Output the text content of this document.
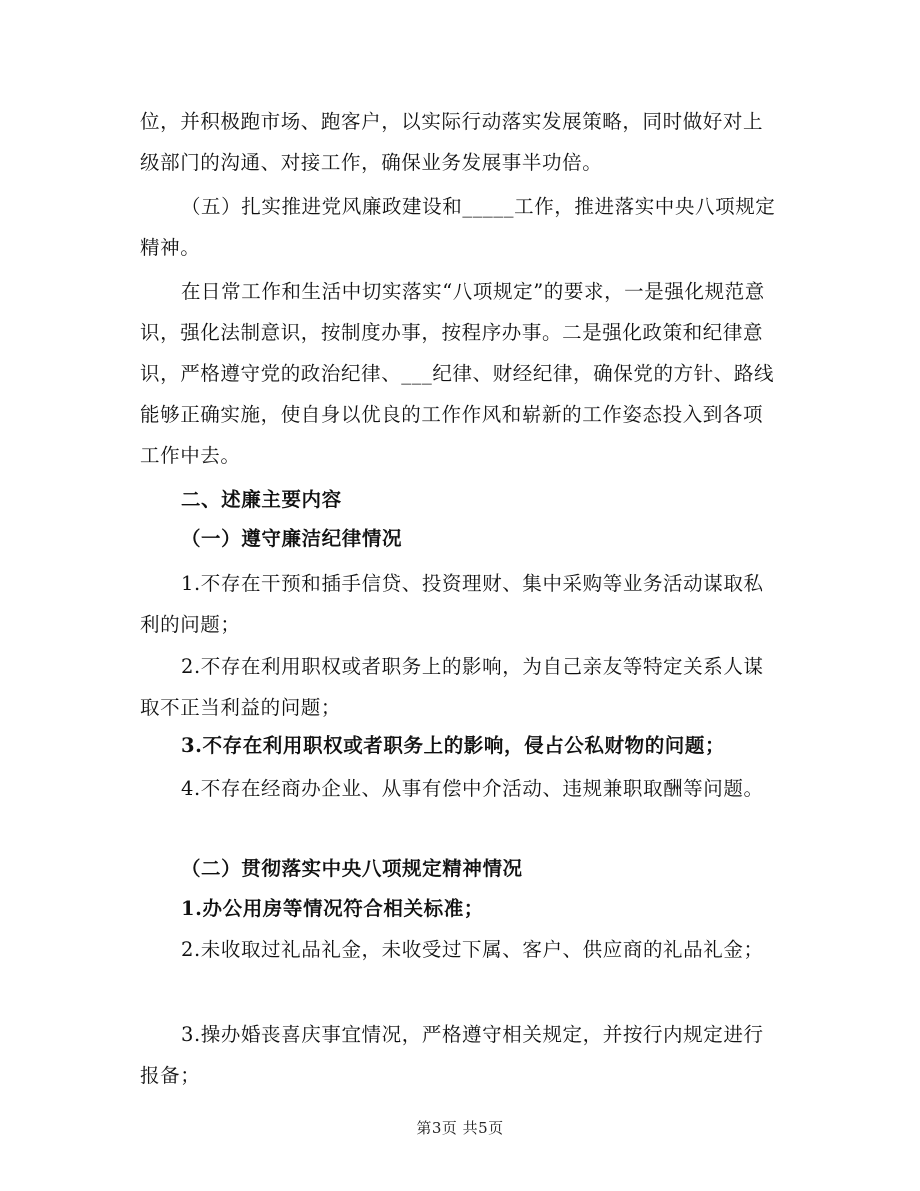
位，并积极跑市场、跑客户，以实际行动落实发展策略，同时做好对上级部门的沟通、对接工作，确保业务发展事半功倍。

（五）扎实推进党风廉政建设和_____工作，推进落实中央八项规定精神。

在日常工作和生活中切实落实“八项规定”的要求，一是强化规范意识，强化法制意识，按制度办事，按程序办事。二是强化政策和纪律意识，严格遵守党的政治纪律、___纪律、财经纪律，确保党的方针、路线能够正确实施，使自身以优良的工作作风和崭新的工作姿态投入到各项工作中去。

二、述廉主要内容

（一）遵守廉洁纪律情况

1.不存在干预和插手信贷、投资理财、集中采购等业务活动谋取私利的问题；

2.不存在利用职权或者职务上的影响，为自己亲友等特定关系人谋取不正当利益的问题；

3.不存在利用职权或者职务上的影响，侵占公私财物的问题；

4.不存在经商办企业、从事有偿中介活动、违规兼职取酬等问题。

（二）贯彻落实中央八项规定精神情况

1.办公用房等情况符合相关标准；

2.未收取过礼品礼金，未收受过下属、客户、供应商的礼品礼金；

3.操办婚丧喜庆事宜情况，严格遵守相关规定，并按行内规定进行报备；

第3页 共5页
